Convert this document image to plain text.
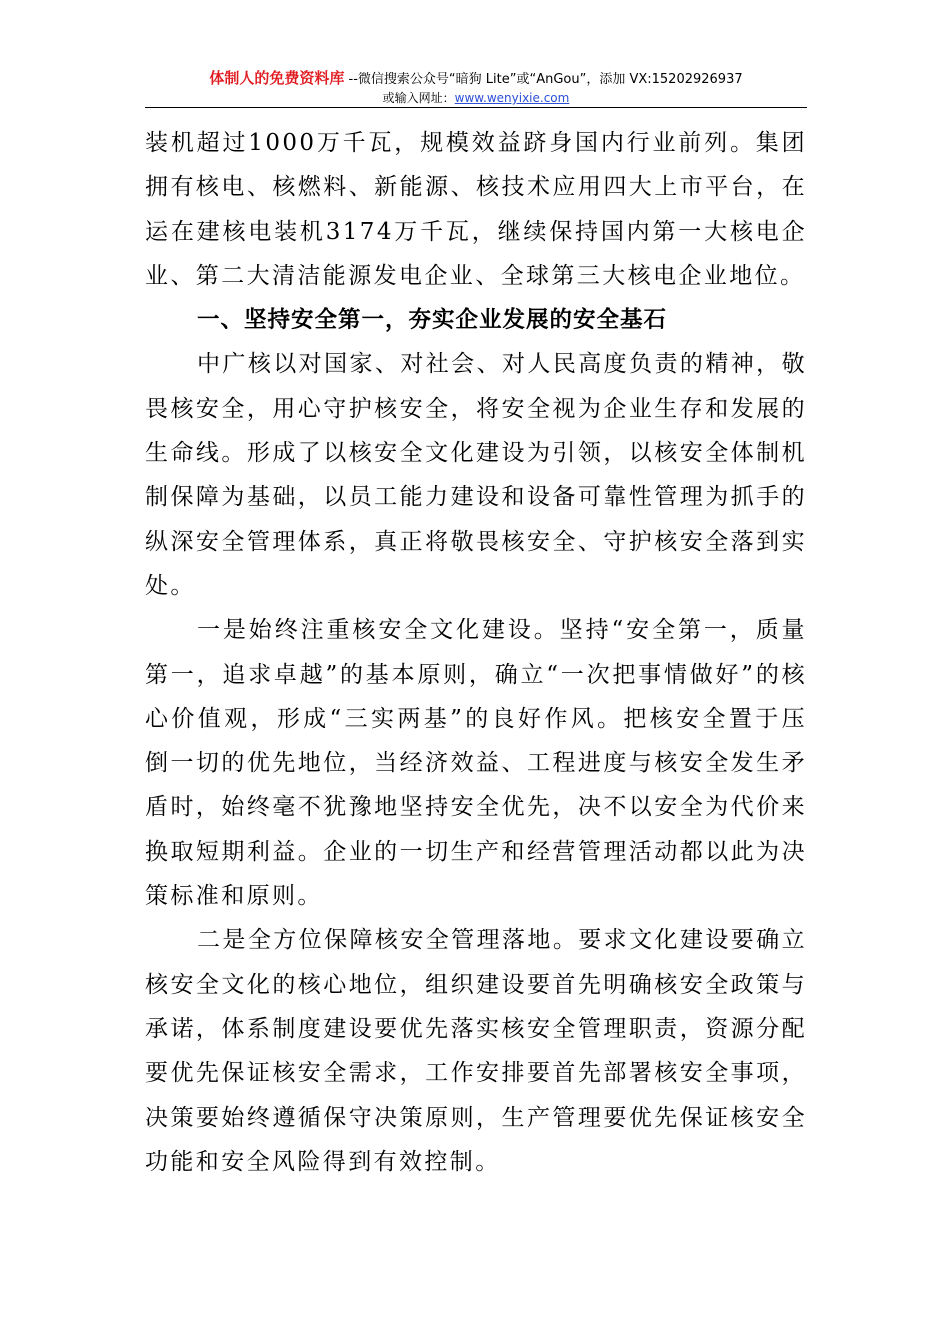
体制人的免费资料库 --微信搜索公众号“暗狗 Lite”或“AnGou”，添加 VX:15202926937
或输入网址：www.wenyixie.com

装机超过1000万千瓦，规模效益跻身国内行业前列。集团拥有核电、核燃料、新能源、核技术应用四大上市平台，在运在建核电装机3174万千瓦，继续保持国内第一大核电企业、第二大清洁能源发电企业、全球第三大核电企业地位。

一、坚持安全第一，夯实企业发展的安全基石

中广核以对国家、对社会、对人民高度负责的精神，敬畏核安全，用心守护核安全，将安全视为企业生存和发展的生命线。形成了以核安全文化建设为引领，以核安全体制机制保障为基础，以员工能力建设和设备可靠性管理为抓手的纵深安全管理体系，真正将敬畏核安全、守护核安全落到实处。

一是始终注重核安全文化建设。坚持“安全第一，质量第一，追求卓越”的基本原则，确立“一次把事情做好”的核心价值观，形成“三实两基”的良好作风。把核安全置于压倒一切的优先地位，当经济效益、工程进度与核安全发生矛盾时，始终毫不犹豫地坚持安全优先，决不以安全为代价来换取短期利益。企业的一切生产和经营管理活动都以此为决策标准和原则。

二是全方位保障核安全管理落地。要求文化建设要确立核安全文化的核心地位，组织建设要首先明确核安全政策与承诺，体系制度建设要优先落实核安全管理职责，资源分配要优先保证核安全需求，工作安排要首先部署核安全事项，决策要始终遵循保守决策原则，生产管理要优先保证核安全功能和安全风险得到有效控制。
